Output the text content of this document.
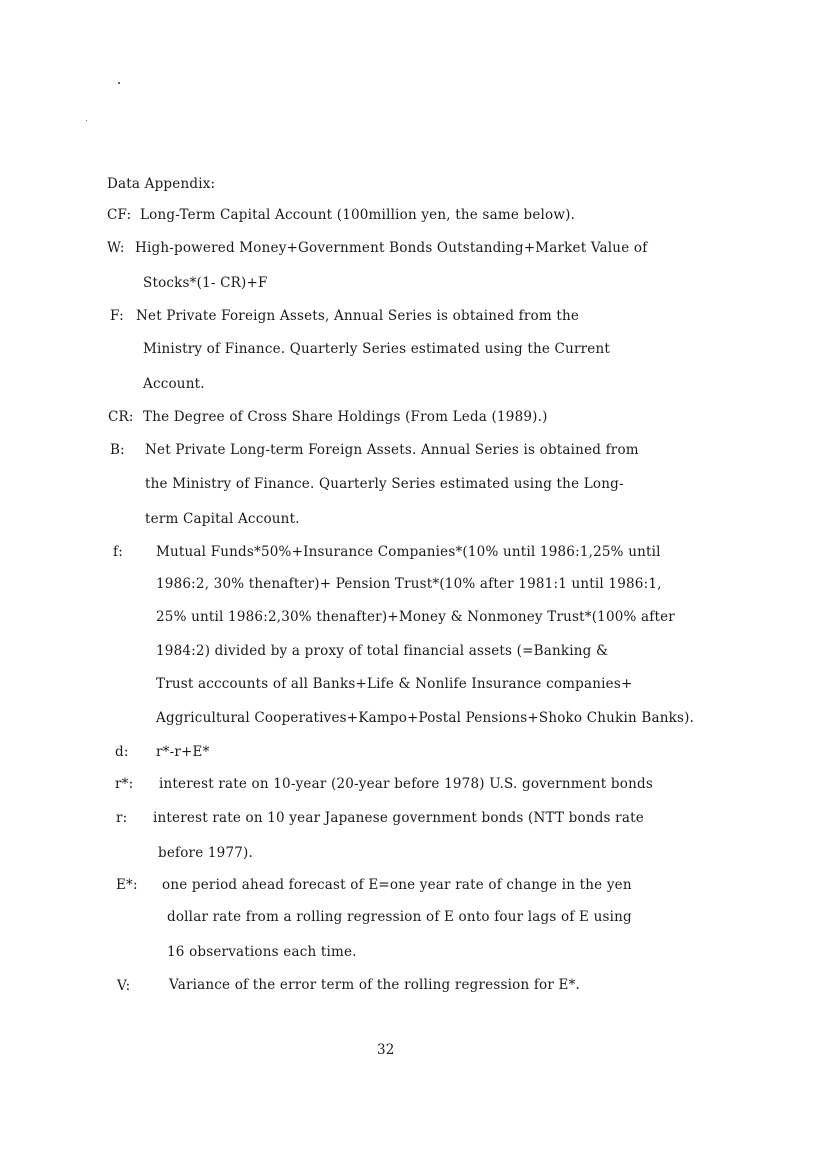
Data Appendix:
CF: Long-Term Capital Account (100million yen, the same below).
W: High-powered Money+Government Bonds Outstanding+Market Value of
Stocks*(1- CR)+F
F: Net Private Foreign Assets, Annual Series is obtained from the
Ministry of Finance. Quarterly Series estimated using the Current
Account.
CR: The Degree of Cross Share Holdings (From Leda (1989).)
B: Net Private Long-term Foreign Assets. Annual Series is obtained from
the Ministry of Finance. Quarterly Series estimated using the Long-
term Capital Account.
f: Mutual Funds*50%+Insurance Companies*(10% until 1986:1,25% until
1986:2, 30% thenafter)+ Pension Trust*(10% after 1981:1 until 1986:1,
25% until 1986:2,30% thenafter)+Money & Nonmoney Trust*(100% after
1984:2) divided by a proxy of total financial assets (=Banking &
Trust acccounts of all Banks+Life & Nonlife Insurance companies+
Aggricultural Cooperatives+Kampo+Postal Pensions+Shoko Chukin Banks).
d: r*-r+E*
r*: interest rate on 10-year (20-year before 1978) U.S. government bonds
r: interest rate on 10 year Japanese government bonds (NTT bonds rate
before 1977).
E*: one period ahead forecast of E=one year rate of change in the yen
dollar rate from a rolling regression of E onto four lags of E using
16 observations each time.
V:	Variance of the error term of the rolling regression for E*.
32
